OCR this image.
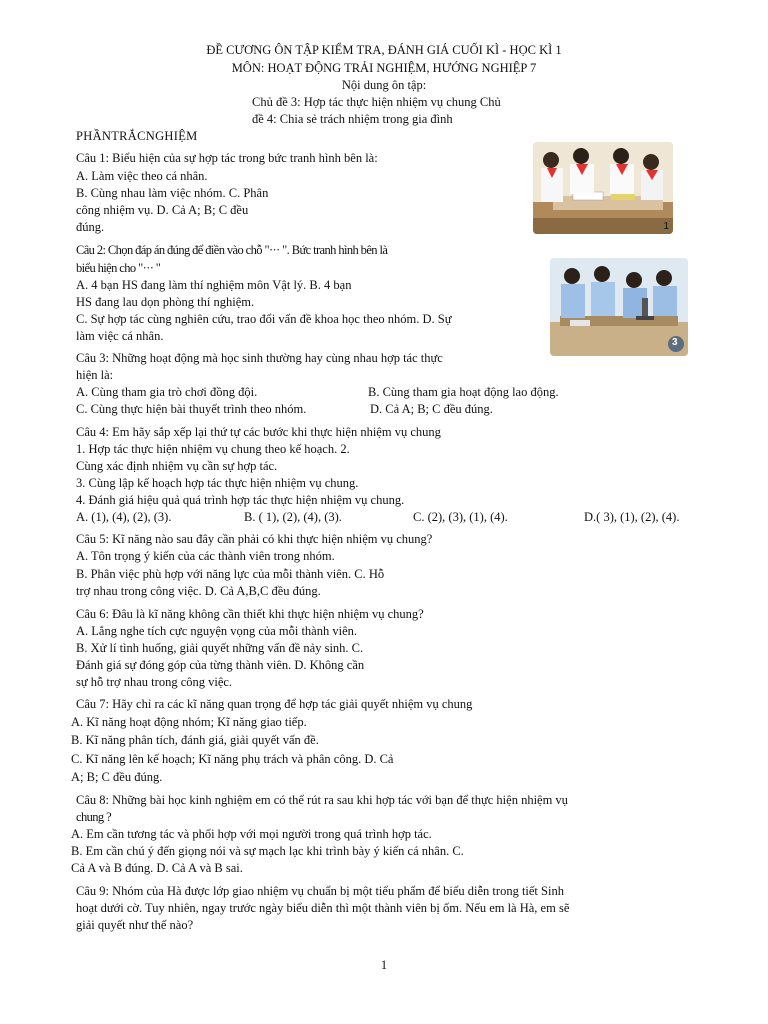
ĐỀ CƯƠNG ÔN TẬP KIỂM TRA, ĐÁNH GIÁ CUỐI KÌ - HỌC KÌ 1
MÔN: HOẠT ĐỘNG TRẢI NGHIỆM, HƯỚNG NGHIỆP 7
Nội dung ôn tập:
Chủ đề 3: Hợp tác thực hiện nhiệm vụ chung Chủ
đề 4: Chia sẻ trách nhiệm trong gia đình
PHẦNTRẮCNGHIỆM
1
Câu 1: Biểu hiện của sự hợp tác trong bức tranh hình bên là:
A. Làm việc theo cá nhân.
B. Cùng nhau làm việc nhóm. C. Phân
công nhiệm vụ. D. Cả A; B; C đều
đúng.
3
Câu 2: Chọn đáp án đúng để điền vào chỗ "··· ". Bức tranh hình bên là
biểu hiện cho "··· "
A. 4 bạn HS đang làm thí nghiệm môn Vật lý. B. 4 bạn
HS đang lau dọn phòng thí nghiệm.
C. Sự hợp tác cùng nghiên cứu, trao đổi vấn đề khoa học theo nhóm. D. Sự
làm việc cá nhân.
Câu 3: Những hoạt động mà học sinh thường hay cùng nhau hợp tác thực
hiện là:
A. Cùng tham gia trò chơi đồng đội.	B. Cùng tham gia hoạt động lao động.
C. Cùng thực hiện bài thuyết trình theo nhóm.	D. Cả A; B; C đều đúng.
Câu 4: Em hãy sắp xếp lại thứ tự các bước khi thực hiện nhiệm vụ chung
1. Hợp tác thực hiện nhiệm vụ chung theo kế hoạch. 2.
Cùng xác định nhiệm vụ cần sự hợp tác.
3. Cùng lập kế hoạch hợp tác thực hiện nhiệm vụ chung.
4. Đánh giá hiệu quả quá trình hợp tác thực hiện nhiệm vụ chung.
A. (1), (4), (2), (3).	B. ( 1), (2), (4), (3).	C. (2), (3), (1), (4).	D.( 3), (1), (2), (4).
Câu 5: Kĩ năng nào sau đây cần phải có khi thực hiện nhiệm vụ chung?
A. Tôn trọng ý kiến của các thành viên trong nhóm.
B. Phân việc phù hợp với năng lực của mỗi thành viên. C. Hỗ
trợ nhau trong công việc. D. Cả A,B,C đều đúng.
Câu 6: Đâu là kĩ năng không cần thiết khi thực hiện nhiệm vụ chung?
A. Lắng nghe tích cực nguyện vọng của mỗi thành viên.
B. Xử lí tình huống, giải quyết những vấn đề nảy sinh. C.
Đánh giá sự đóng góp của từng thành viên. D. Không cần
sự hỗ trợ nhau trong công việc.
Câu 7: Hãy chỉ ra các kĩ năng quan trọng để hợp tác giải quyết nhiệm vụ chung
A. Kĩ năng hoạt động nhóm; Kĩ năng giao tiếp.
B. Kĩ năng phân tích, đánh giá, giải quyết vấn đề.
C. Kĩ năng lên kế hoạch; Kĩ năng phụ trách và phân công. D. Cả
A; B; C đều đúng.
Câu 8: Những bài học kinh nghiệm em có thể rút ra sau khi hợp tác với bạn để thực hiện nhiệm vụ
chung ?
A. Em cần tương tác và phối hợp với mọi người trong quá trình hợp tác.
B. Em cần chú ý đến giọng nói và sự mạch lạc khi trình bày ý kiến cá nhân. C.
Cả A và B đúng. D. Cả A và B sai.
Câu 9: Nhóm của Hà được lớp giao nhiệm vụ chuẩn bị một tiểu phẩm để biểu diễn trong tiết Sinh
hoạt dưới cờ. Tuy nhiên, ngay trước ngày biểu diễn thì một thành viên bị ốm. Nếu em là Hà, em sẽ
giải quyết như thế nào?
1
